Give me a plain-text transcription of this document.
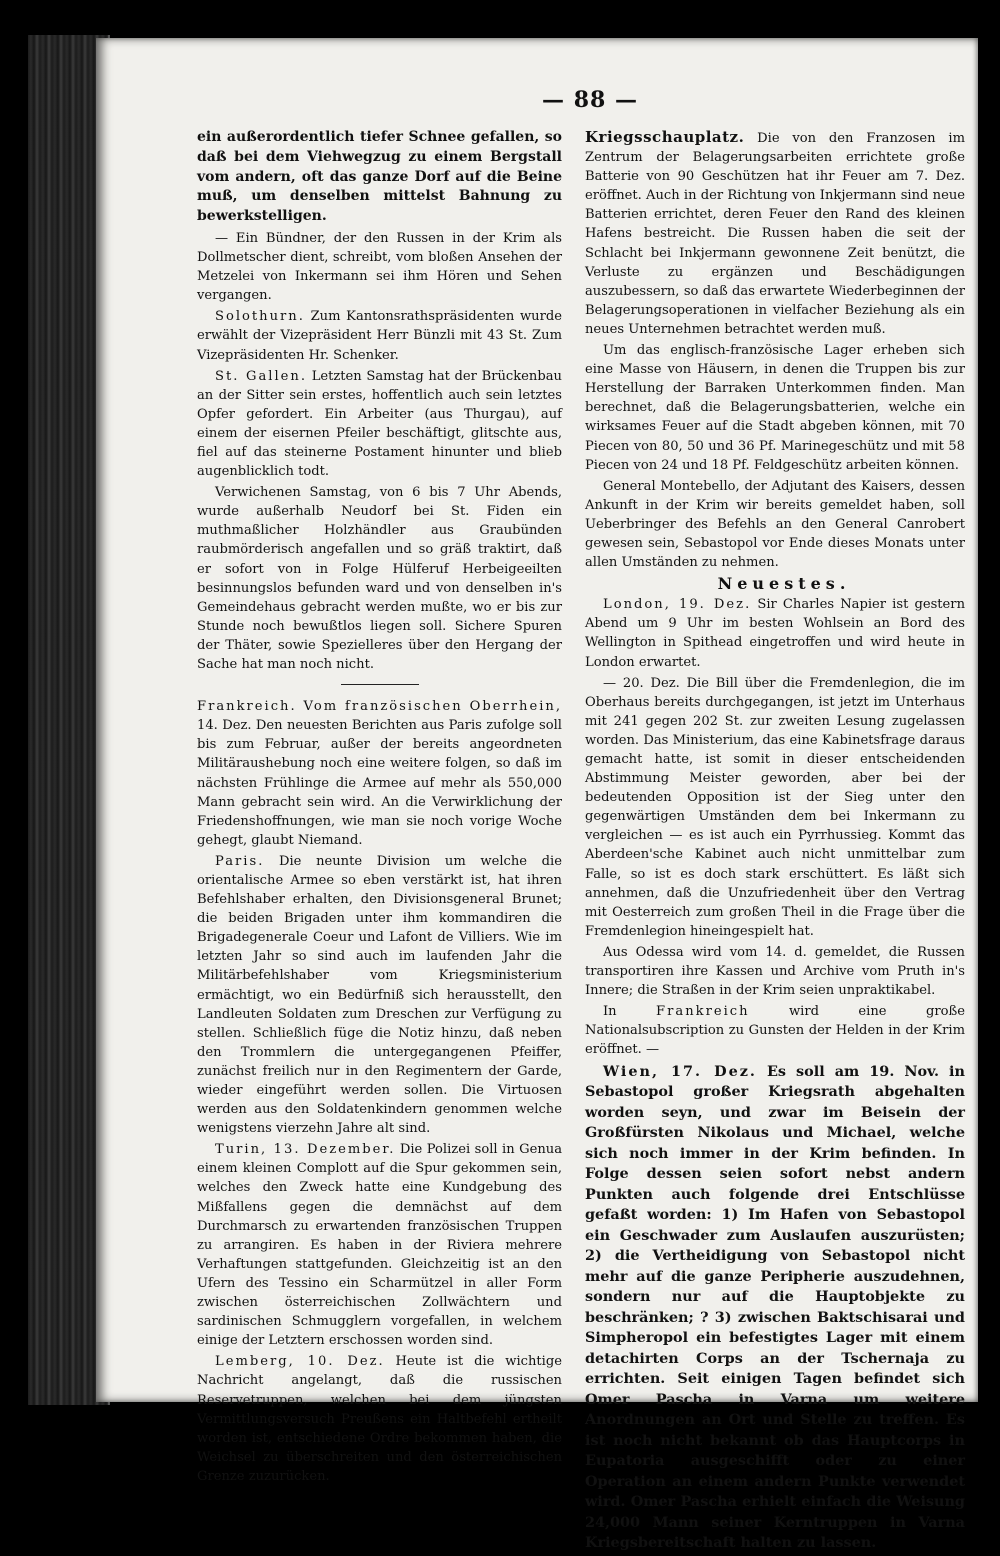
— 88 —

ein außerordentlich tiefer Schnee gefallen, so daß bei dem Viehwegzug zu einem Bergstall vom andern, oft das ganze Dorf auf die Beine muß, um denselben mittelst Bahnung zu bewerkstelligen.

— Ein Bündner, der den Russen in der Krim als Dollmetscher dient, schreibt, vom bloßen Ansehen der Metzelei von Inkermann sei ihm Hören und Sehen vergangen.

Solothurn. Zum Kantonsrathspräsidenten wurde erwählt der Vizepräsident Herr Bünzli mit 43 St. Zum Vizepräsidenten Hr. Schenker.

St. Gallen. Letzten Samstag hat der Brückenbau an der Sitter sein erstes, hoffentlich auch sein letztes Opfer gefordert. Ein Arbeiter (aus Thurgau), auf einem der eisernen Pfeiler beschäftigt, glitschte aus, fiel auf das steinerne Postament hinunter und blieb augenblicklich todt.

Verwichenen Samstag, von 6 bis 7 Uhr Abends, wurde außerhalb Neudorf bei St. Fiden ein muthmaßlicher Holzhändler aus Graubünden raubmörderisch angefallen und so gräß traktirt, daß er sofort von in Folge Hülferuf Herbeigeeilten besinnungslos befunden ward und von denselben in's Gemeindehaus gebracht werden mußte, wo er bis zur Stunde noch bewußtlos liegen soll. Sichere Spuren der Thäter, sowie Spezielleres über den Hergang der Sache hat man noch nicht.

Frankreich. Vom französischen Oberrhein, 14. Dez. Den neuesten Berichten aus Paris zufolge soll bis zum Februar, außer der bereits angeordneten Militäraushebung noch eine weitere folgen, so daß im nächsten Frühlinge die Armee auf mehr als 550,000 Mann gebracht sein wird. An die Verwirklichung der Friedenshoffnungen, wie man sie noch vorige Woche gehegt, glaubt Niemand.

Paris. Die neunte Division um welche die orientalische Armee so eben verstärkt ist, hat ihren Befehlshaber erhalten, den Divisionsgeneral Brunet; die beiden Brigaden unter ihm kommandiren die Brigadegenerale Coeur und Lafont de Villiers. Wie im letzten Jahr so sind auch im laufenden Jahr die Militärbefehlshaber vom Kriegsministerium ermächtigt, wo ein Bedürfniß sich herausstellt, den Landleuten Soldaten zum Dreschen zur Verfügung zu stellen. Schließlich füge die Notiz hinzu, daß neben den Trommlern die untergegangenen Pfeiffer, zunächst freilich nur in den Regimentern der Garde, wieder eingeführt werden sollen. Die Virtuosen werden aus den Soldatenkindern genommen welche wenigstens vierzehn Jahre alt sind.

Turin, 13. Dezember. Die Polizei soll in Genua einem kleinen Complott auf die Spur gekommen sein, welches den Zweck hatte eine Kundgebung des Mißfallens gegen die demnächst auf dem Durchmarsch zu erwartenden französischen Truppen zu arrangiren. Es haben in der Riviera mehrere Verhaftungen stattgefunden. Gleichzeitig ist an den Ufern des Tessino ein Scharmützel in aller Form zwischen österreichischen Zollwächtern und sardinischen Schmugglern vorgefallen, in welchem einige der Letztern erschossen worden sind.

Lemberg, 10. Dez. Heute ist die wichtige Nachricht angelangt, daß die russischen Reservetruppen, welchen bei dem jüngsten Vermittlungsversuch Preußens ein Haltbefehl ertheilt worden ist, entschiedene Ordre bekommen haben, die Weichsel zu überschreiten und den österreichischen Grenze zuzurücken.

Kriegsschauplatz. Die von den Franzosen im Zentrum der Belagerungsarbeiten errichtete große Batterie von 90 Geschützen hat ihr Feuer am 7. Dez. eröffnet. Auch in der Richtung von Inkjermann sind neue Batterien errichtet, deren Feuer den Rand des kleinen Hafens bestreicht. Die Russen haben die seit der Schlacht bei Inkjermann gewonnene Zeit benützt, die Verluste zu ergänzen und Beschädigungen auszubessern, so daß das erwartete Wiederbeginnen der Belagerungsoperationen in vielfacher Beziehung als ein neues Unternehmen betrachtet werden muß.

Um das englisch-französische Lager erheben sich eine Masse von Häusern, in denen die Truppen bis zur Herstellung der Barraken Unterkommen finden. Man berechnet, daß die Belagerungsbatterien, welche ein wirksames Feuer auf die Stadt abgeben können, mit 70 Piecen von 80, 50 und 36 Pf. Marinegeschütz und mit 58 Piecen von 24 und 18 Pf. Feldgeschütz arbeiten können.

General Montebello, der Adjutant des Kaisers, dessen Ankunft in der Krim wir bereits gemeldet haben, soll Ueberbringer des Befehls an den General Canrobert gewesen sein, Sebastopol vor Ende dieses Monats unter allen Umständen zu nehmen.

Neuestes.

London, 19. Dez. Sir Charles Napier ist gestern Abend um 9 Uhr im besten Wohlsein an Bord des Wellington in Spithead eingetroffen und wird heute in London erwartet.

— 20. Dez. Die Bill über die Fremdenlegion, die im Oberhaus bereits durchgegangen, ist jetzt im Unterhaus mit 241 gegen 202 St. zur zweiten Lesung zugelassen worden. Das Ministerium, das eine Kabinetsfrage daraus gemacht hatte, ist somit in dieser entscheidenden Abstimmung Meister geworden, aber bei der bedeutenden Opposition ist der Sieg unter den gegenwärtigen Umständen dem bei Inkermann zu vergleichen — es ist auch ein Pyrrhussieg. Kommt das Aberdeen'sche Kabinet auch nicht unmittelbar zum Falle, so ist es doch stark erschüttert. Es läßt sich annehmen, daß die Unzufriedenheit über den Vertrag mit Oesterreich zum großen Theil in die Frage über die Fremdenlegion hineingespielt hat.

Aus Odessa wird vom 14. d. gemeldet, die Russen transportiren ihre Kassen und Archive vom Pruth in's Innere; die Straßen in der Krim seien unpraktikabel.

In	Frankreich	wird eine große Nationalsubscription zu Gunsten der Helden in der Krim eröffnet. —

Wien, 17. Dez. Es soll am 19. Nov. in Sebastopol großer Kriegsrath abgehalten worden seyn, und zwar im Beisein der Großfürsten Nikolaus und Michael, welche sich noch immer in der Krim befinden. In Folge dessen seien sofort nebst andern Punkten auch folgende drei Entschlüsse gefaßt worden: 1) Im Hafen von Sebastopol ein Geschwader zum Auslaufen auszurüsten; 2) die Vertheidigung von Sebastopol nicht mehr auf die ganze Peripherie auszudehnen, sondern nur auf die Hauptobjekte zu beschränken; ? 3) zwischen Baktschisarai und Simpheropol ein befestigtes Lager mit einem detachirten Corps an der Tschernaja zu errichten. Seit einigen Tagen befindet sich Omer Pascha in Varna um weitere Anordnungen an Ort und Stelle zu treffen. Es ist noch nicht bekannt ob das Hauptcorps in Eupatoria ausgeschifft oder zu einer Operation an einem andern Punkte verwendet wird. Omer Pascha erhielt einfach die Weisung 24,000 Mann seiner Kerntruppen in Varna Kriegsbereitschaft halten zu lassen.
